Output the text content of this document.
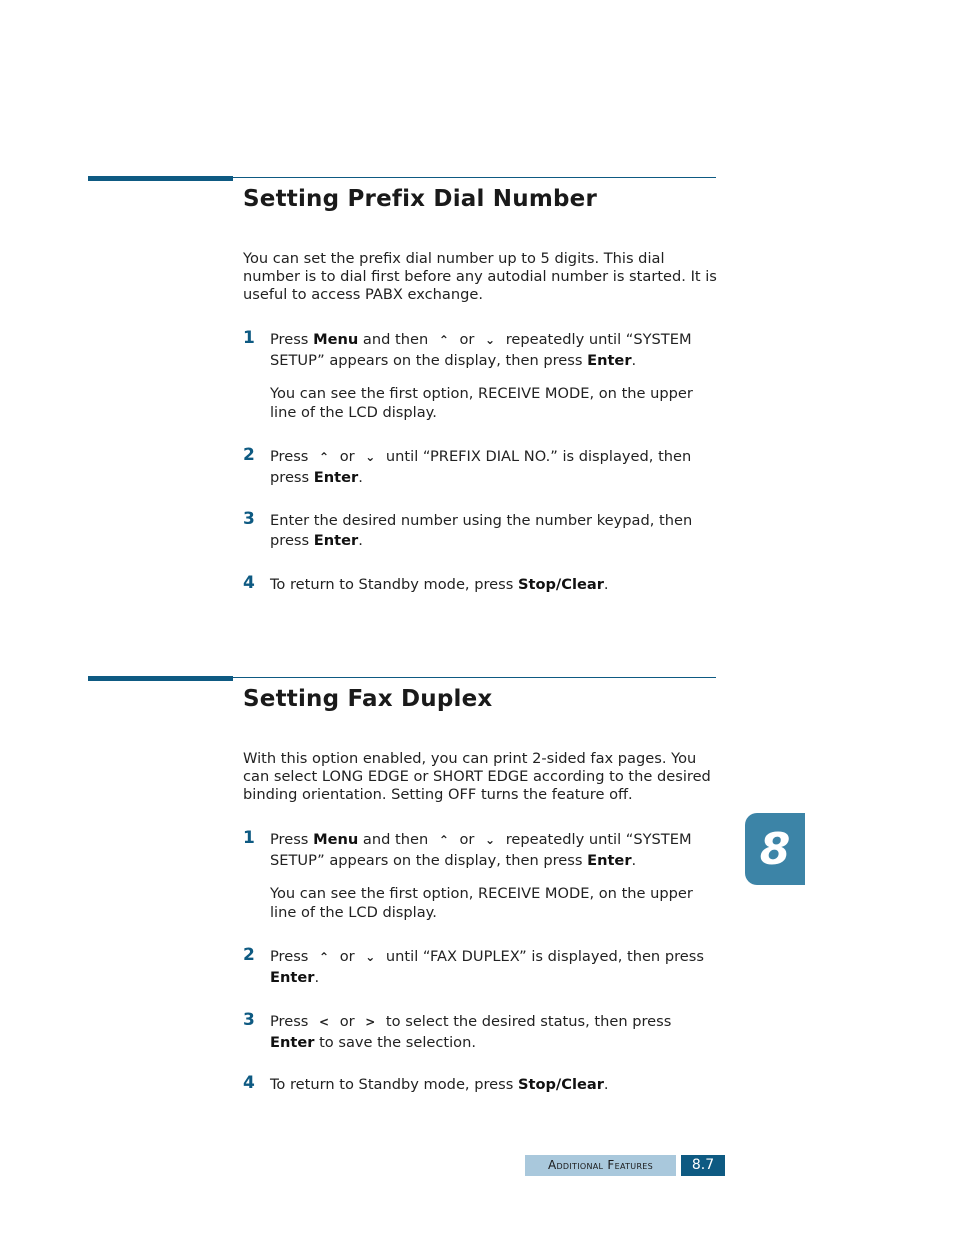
Setting Prefix Dial Number

You can set the prefix dial number up to 5 digits. This dial number is to dial first before any autodial number is started. It is useful to access PABX exchange.

1 Press Menu and then ⌃ or ⌄ repeatedly until “SYSTEM SETUP” appears on the display, then press Enter.

You can see the first option, RECEIVE MODE, on the upper line of the LCD display.

2 Press ⌃ or ⌄ until “PREFIX DIAL NO.” is displayed, then press Enter.

3 Enter the desired number using the number keypad, then press Enter.

4 To return to Standby mode, press Stop/Clear.

Setting Fax Duplex

With this option enabled, you can print 2-sided fax pages. You can select LONG EDGE or SHORT EDGE according to the desired binding orientation. Setting OFF turns the feature off.

1 Press Menu and then ⌃ or ⌄ repeatedly until “SYSTEM SETUP” appears on the display, then press Enter.

You can see the first option, RECEIVE MODE, on the upper line of the LCD display.

2 Press ⌃ or ⌄ until “FAX DUPLEX” is displayed, then press Enter.

3 Press < or > to select the desired status, then press Enter to save the selection.

4 To return to Standby mode, press Stop/Clear.

8
Additional Features	8.7
